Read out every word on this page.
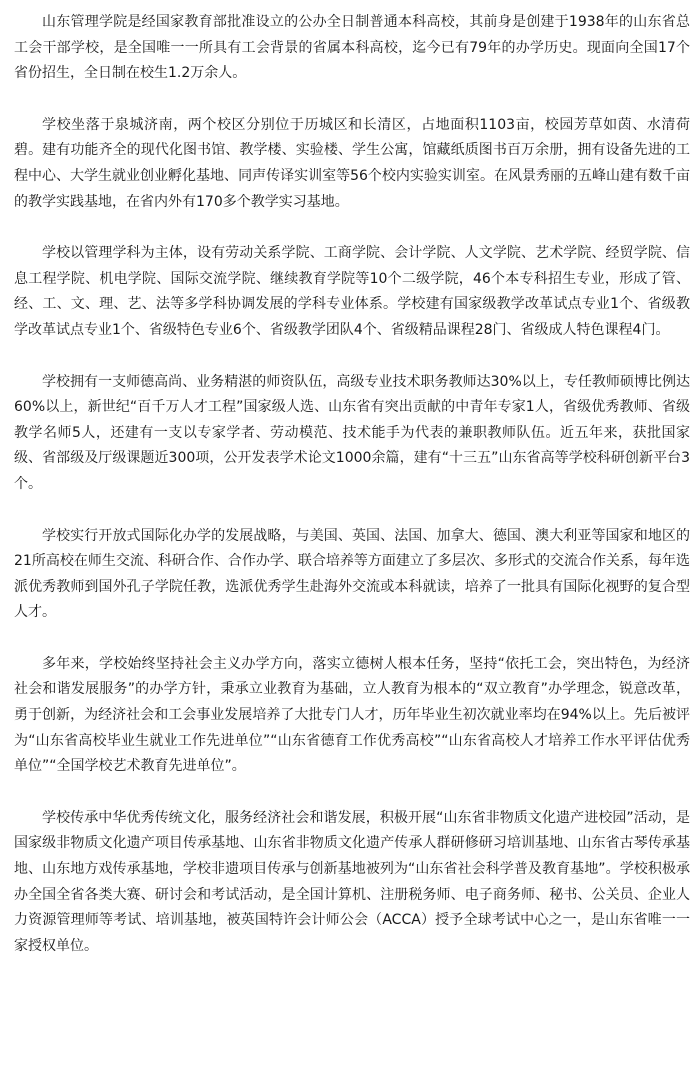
山东管理学院是经国家教育部批准设立的公办全日制普通本科高校，其前身是创建于1938年的山东省总工会干部学校，是全国唯一一所具有工会背景的省属本科高校，迄今已有79年的办学历史。现面向全国17个省份招生，全日制在校生1.2万余人。

学校坐落于泉城济南，两个校区分别位于历城区和长清区，占地面积1103亩，校园芳草如茵、水清荷碧。建有功能齐全的现代化图书馆、教学楼、实验楼、学生公寓，馆藏纸质图书百万余册，拥有设备先进的工程中心、大学生就业创业孵化基地、同声传译实训室等56个校内实验实训室。在风景秀丽的五峰山建有数千亩的教学实践基地，在省内外有170多个教学实习基地。

学校以管理学科为主体，设有劳动关系学院、工商学院、会计学院、人文学院、艺术学院、经贸学院、信息工程学院、机电学院、国际交流学院、继续教育学院等10个二级学院，46个本专科招生专业，形成了管、经、工、文、理、艺、法等多学科协调发展的学科专业体系。学校建有国家级教学改革试点专业1个、省级教学改革试点专业1个、省级特色专业6个、省级教学团队4个、省级精品课程28门、省级成人特色课程4门。

学校拥有一支师德高尚、业务精湛的师资队伍，高级专业技术职务教师达30%以上，专任教师硕博比例达60%以上，新世纪“百千万人才工程”国家级人选、山东省有突出贡献的中青年专家1人，省级优秀教师、省级教学名师5人，还建有一支以专家学者、劳动模范、技术能手为代表的兼职教师队伍。近五年来，获批国家级、省部级及厅级课题近300项，公开发表学术论文1000余篇，建有“十三五”山东省高等学校科研创新平台3个。

学校实行开放式国际化办学的发展战略，与美国、英国、法国、加拿大、德国、澳大利亚等国家和地区的21所高校在师生交流、科研合作、合作办学、联合培养等方面建立了多层次、多形式的交流合作关系，每年选派优秀教师到国外孔子学院任教，选派优秀学生赴海外交流或本科就读，培养了一批具有国际化视野的复合型人才。

多年来，学校始终坚持社会主义办学方向，落实立德树人根本任务，坚持“依托工会，突出特色，为经济社会和谐发展服务”的办学方针，秉承立业教育为基础，立人教育为根本的“双立教育”办学理念，锐意改革，勇于创新，为经济社会和工会事业发展培养了大批专门人才，历年毕业生初次就业率均在94%以上。先后被评为“山东省高校毕业生就业工作先进单位”“山东省德育工作优秀高校”“山东省高校人才培养工作水平评估优秀单位”“全国学校艺术教育先进单位”。

学校传承中华优秀传统文化，服务经济社会和谐发展，积极开展“山东省非物质文化遗产进校园”活动，是国家级非物质文化遗产项目传承基地、山东省非物质文化遗产传承人群研修研习培训基地、山东省古琴传承基地、山东地方戏传承基地，学校非遗项目传承与创新基地被列为“山东省社会科学普及教育基地”。学校积极承办全国全省各类大赛、研讨会和考试活动，是全国计算机、注册税务师、电子商务师、秘书、公关员、企业人力资源管理师等考试、培训基地，被英国特许会计师公会（ACCA）授予全球考试中心之一，是山东省唯一一家授权单位。
